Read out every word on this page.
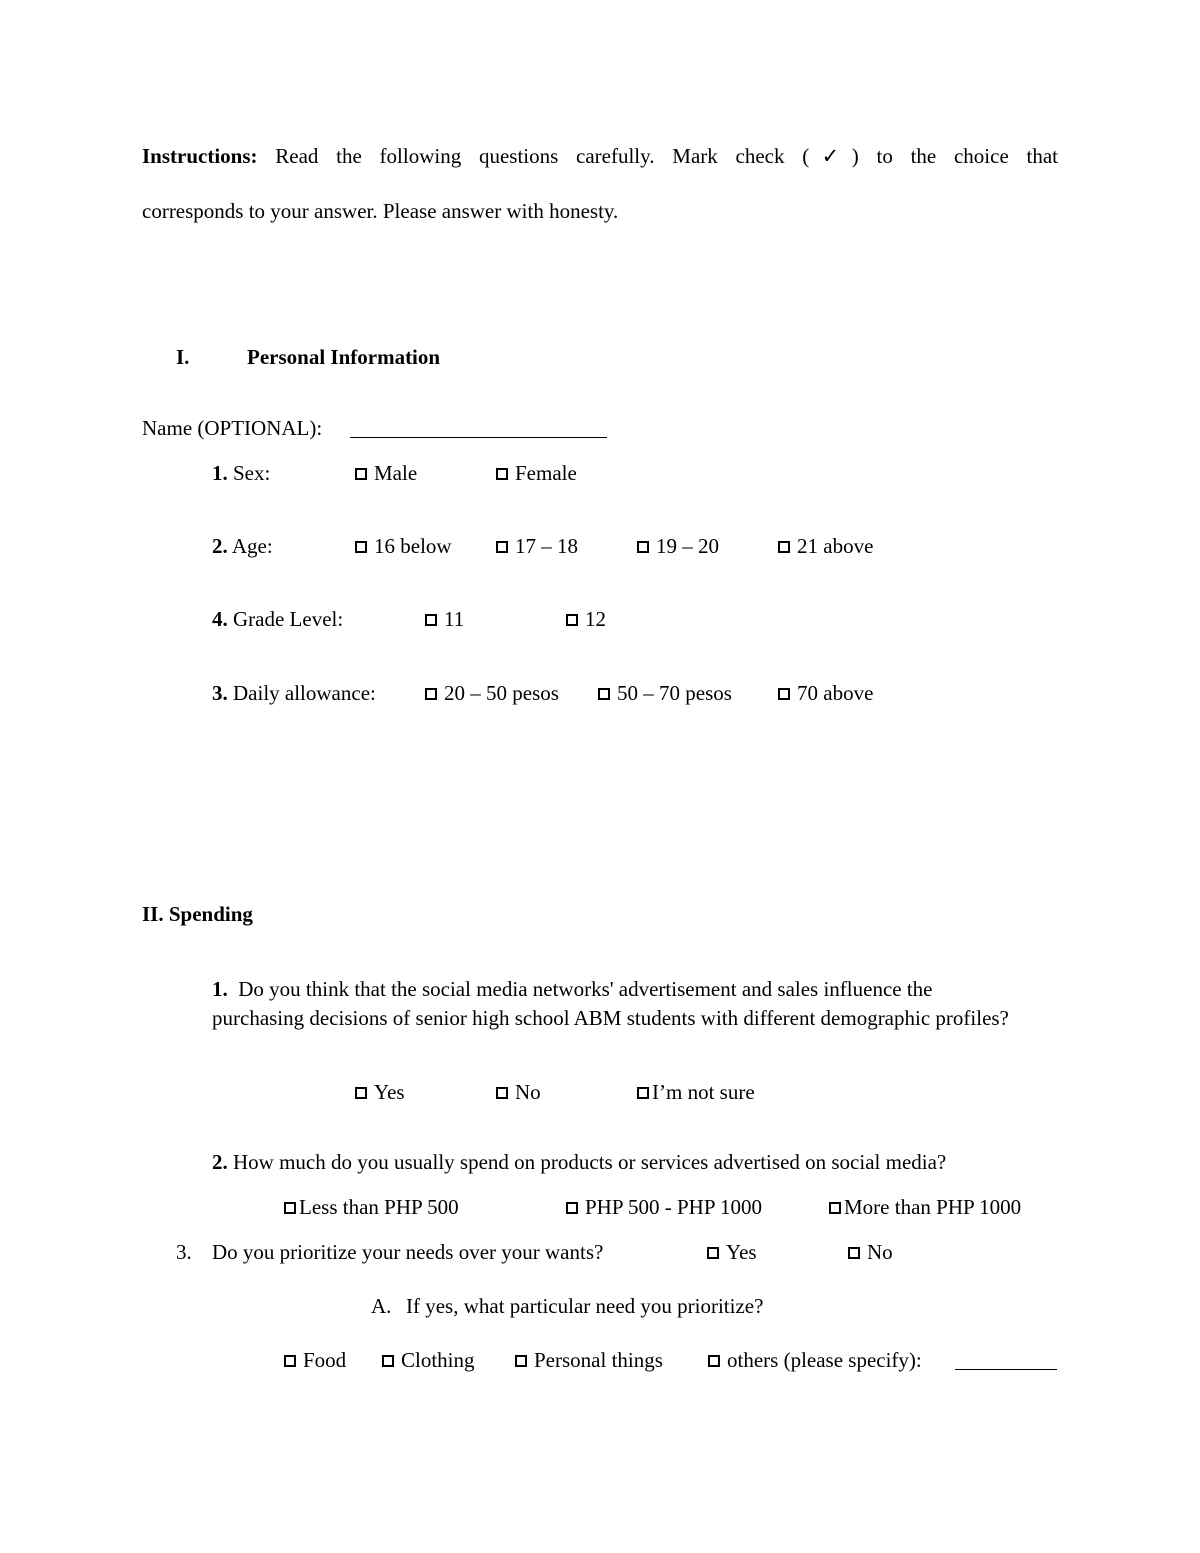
Instructions: Read the following questions carefully. Mark check (✓) to the choice that
corresponds to your answer. Please answer with honesty.
I.	Personal Information
Name (OPTIONAL):
1. Sex:	Male	Female
2. Age:	16 below	17 – 18	19 – 20	21 above
4. Grade Level:	11	12
3. Daily allowance:	20 – 50 pesos	50 – 70 pesos	70 above
II. Spending
1. Do you think that the social media networks' advertisement and sales influence the purchasing decisions of senior high school ABM students with different demographic profiles?
Yes	No	I’m not sure
2. How much do you usually spend on products or services advertised on social media?
Less than PHP 500	PHP 500 - PHP 1000	More than PHP 1000
3. Do you prioritize your needs over your wants?	Yes	No
A. If yes, what particular need you prioritize?
Food	Clothing	Personal things	others (please specify):
